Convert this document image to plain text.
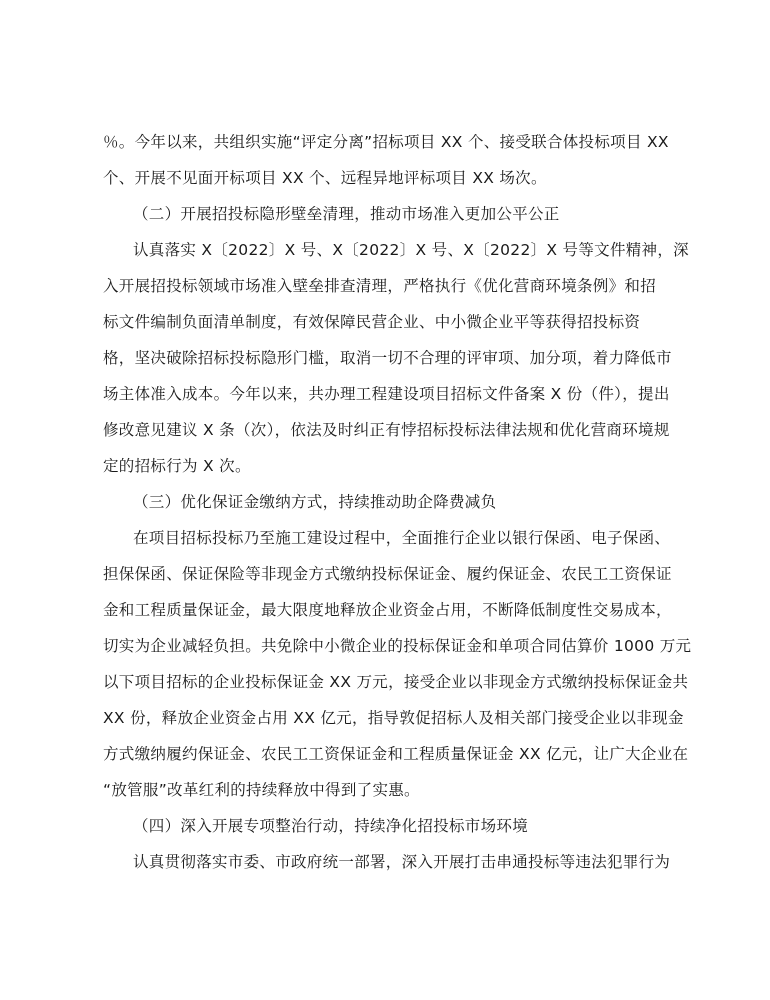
％。今年以来，共组织实施“评定分离”招标项目 XX 个、接受联合体投标项目 XX
个、开展不见面开标项目 XX 个、远程异地评标项目 XX 场次。
（二）开展招投标隐形壁垒清理，推动市场准入更加公平公正
认真落实 X〔2022〕X 号、X〔2022〕X 号、X〔2022〕X 号等文件精神，深
入开展招投标领域市场准入壁垒排查清理，严格执行《优化营商环境条例》和招
标文件编制负面清单制度，有效保障民营企业、中小微企业平等获得招投标资
格，坚决破除招标投标隐形门槛，取消一切不合理的评审项、加分项，着力降低市
场主体准入成本。今年以来，共办理工程建设项目招标文件备案 X 份（件），提出
修改意见建议 X 条（次），依法及时纠正有悖招标投标法律法规和优化营商环境规
定的招标行为 X 次。
（三）优化保证金缴纳方式，持续推动助企降费减负
在项目招标投标乃至施工建设过程中，全面推行企业以银行保函、电子保函、
担保保函、保证保险等非现金方式缴纳投标保证金、履约保证金、农民工工资保证
金和工程质量保证金，最大限度地释放企业资金占用，不断降低制度性交易成本，
切实为企业减轻负担。共免除中小微企业的投标保证金和单项合同估算价 1000 万元
以下项目招标的企业投标保证金 XX 万元，接受企业以非现金方式缴纳投标保证金共
XX 份，释放企业资金占用 XX 亿元，指导敦促招标人及相关部门接受企业以非现金
方式缴纳履约保证金、农民工工资保证金和工程质量保证金 XX 亿元，让广大企业在
“放管服”改革红利的持续释放中得到了实惠。
（四）深入开展专项整治行动，持续净化招投标市场环境
认真贯彻落实市委、市政府统一部署，深入开展打击串通投标等违法犯罪行为
